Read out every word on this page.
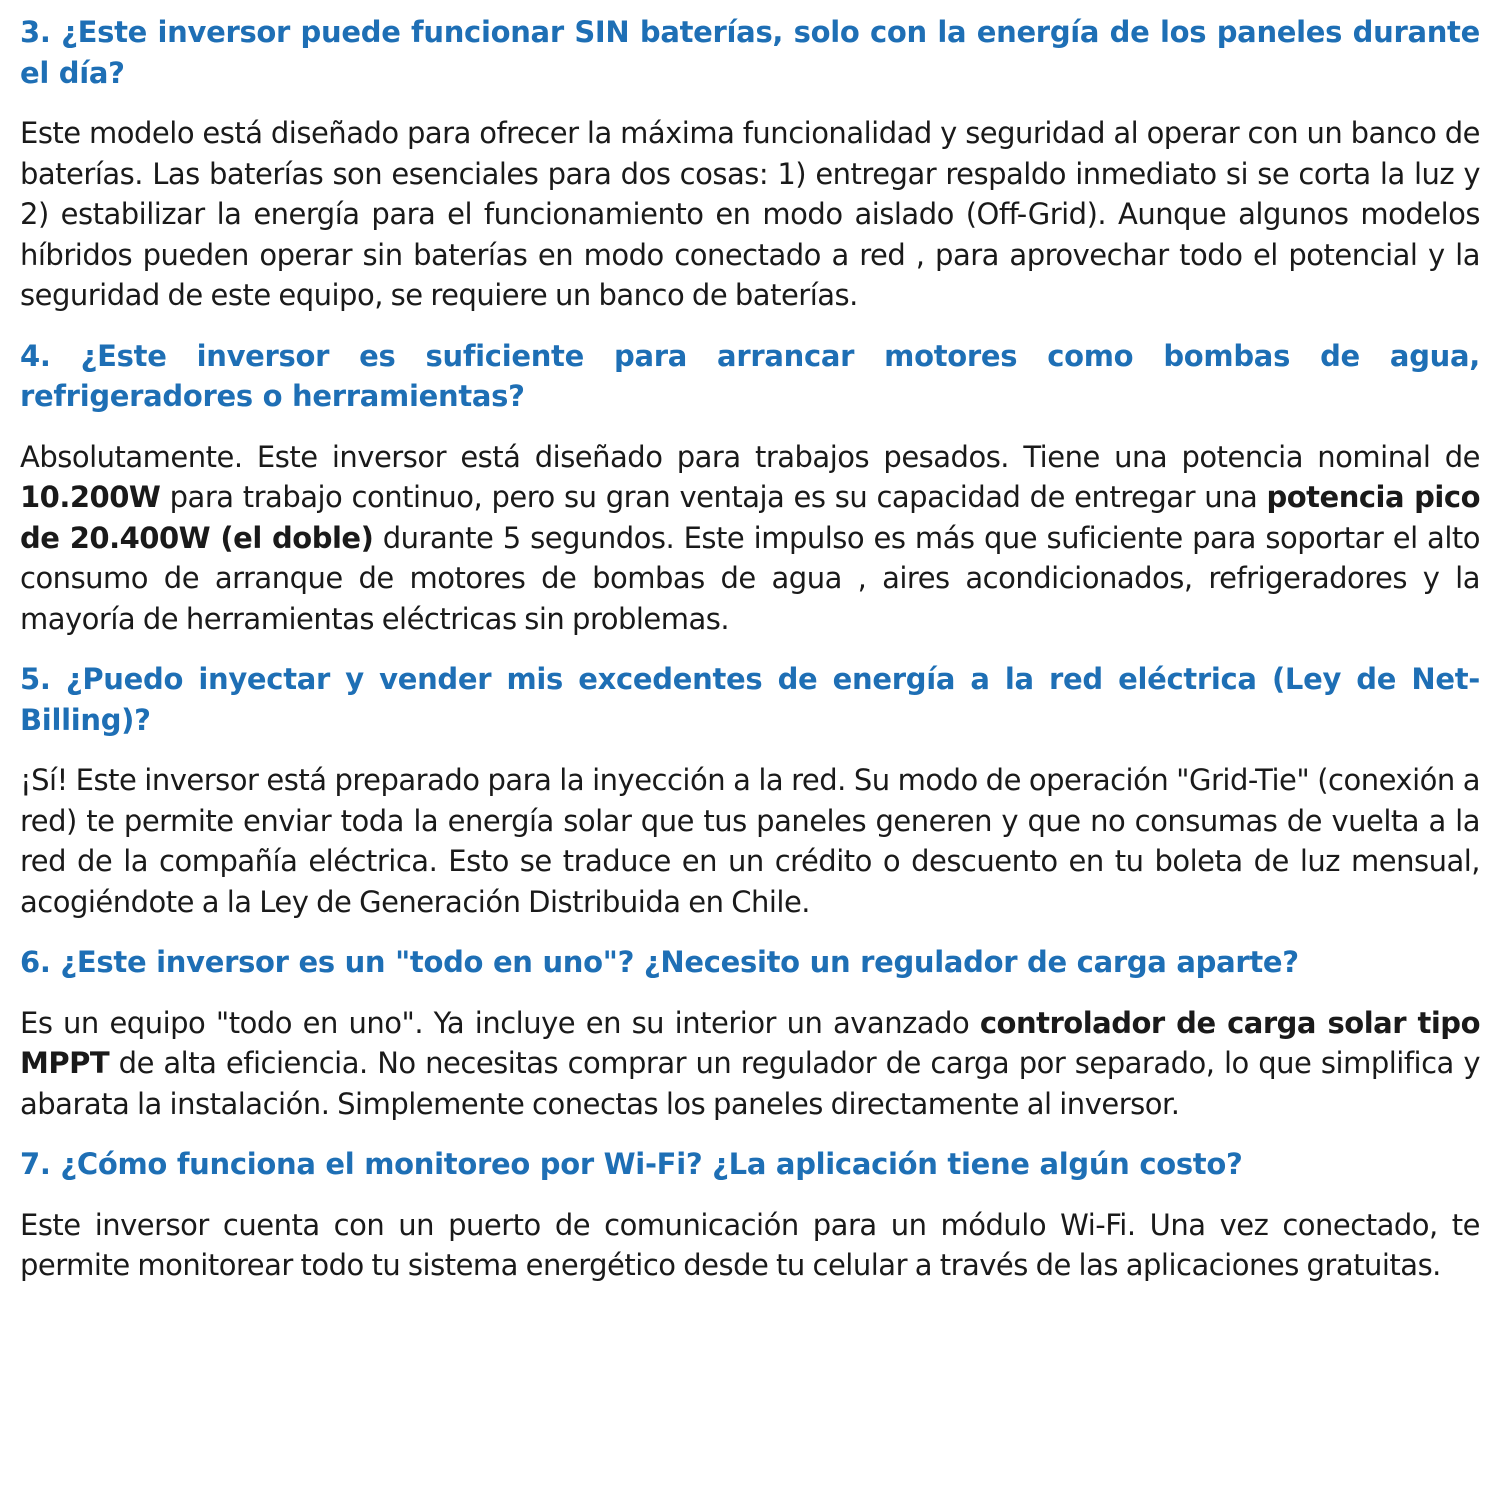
3. ¿Este inversor puede funcionar SIN baterías, solo con la energía de los paneles durante el día?

Este modelo está diseñado para ofrecer la máxima funcionalidad y seguridad al operar con un banco de baterías. Las baterías son esenciales para dos cosas: 1) entregar respaldo inmediato si se corta la luz y 2) estabilizar la energía para el funcionamiento en modo aislado (Off-Grid). Aunque algunos modelos híbridos pueden operar sin baterías en modo conectado a red , para aprovechar todo el potencial y la seguridad de este equipo, se requiere un banco de baterías.

4. ¿Este inversor es suficiente para arrancar motores como bombas de agua, refrigeradores o herramientas?

Absolutamente. Este inversor está diseñado para trabajos pesados. Tiene una potencia nominal de 10.200W para trabajo continuo, pero su gran ventaja es su capacidad de entregar una potencia pico de 20.400W (el doble) durante 5 segundos. Este impulso es más que suficiente para soportar el alto consumo de arranque de motores de bombas de agua , aires acondicionados, refrigeradores y la mayoría de herramientas eléctricas sin problemas.

5. ¿Puedo inyectar y vender mis excedentes de energía a la red eléctrica (Ley de Net-Billing)?

¡Sí! Este inversor está preparado para la inyección a la red. Su modo de operación "Grid-Tie" (conexión a red) te permite enviar toda la energía solar que tus paneles generen y que no consumas de vuelta a la red de la compañía eléctrica. Esto se traduce en un crédito o descuento en tu boleta de luz mensual, acogiéndote a la Ley de Generación Distribuida en Chile.

6. ¿Este inversor es un "todo en uno"? ¿Necesito un regulador de carga aparte?

Es un equipo "todo en uno". Ya incluye en su interior un avanzado controlador de carga solar tipo MPPT de alta eficiencia. No necesitas comprar un regulador de carga por separado, lo que simplifica y abarata la instalación. Simplemente conectas los paneles directamente al inversor.

7. ¿Cómo funciona el monitoreo por Wi-Fi? ¿La aplicación tiene algún costo?

Este inversor cuenta con un puerto de comunicación para un módulo Wi-Fi. Una vez conectado, te permite monitorear todo tu sistema energético desde tu celular a través de las aplicaciones gratuitas.
